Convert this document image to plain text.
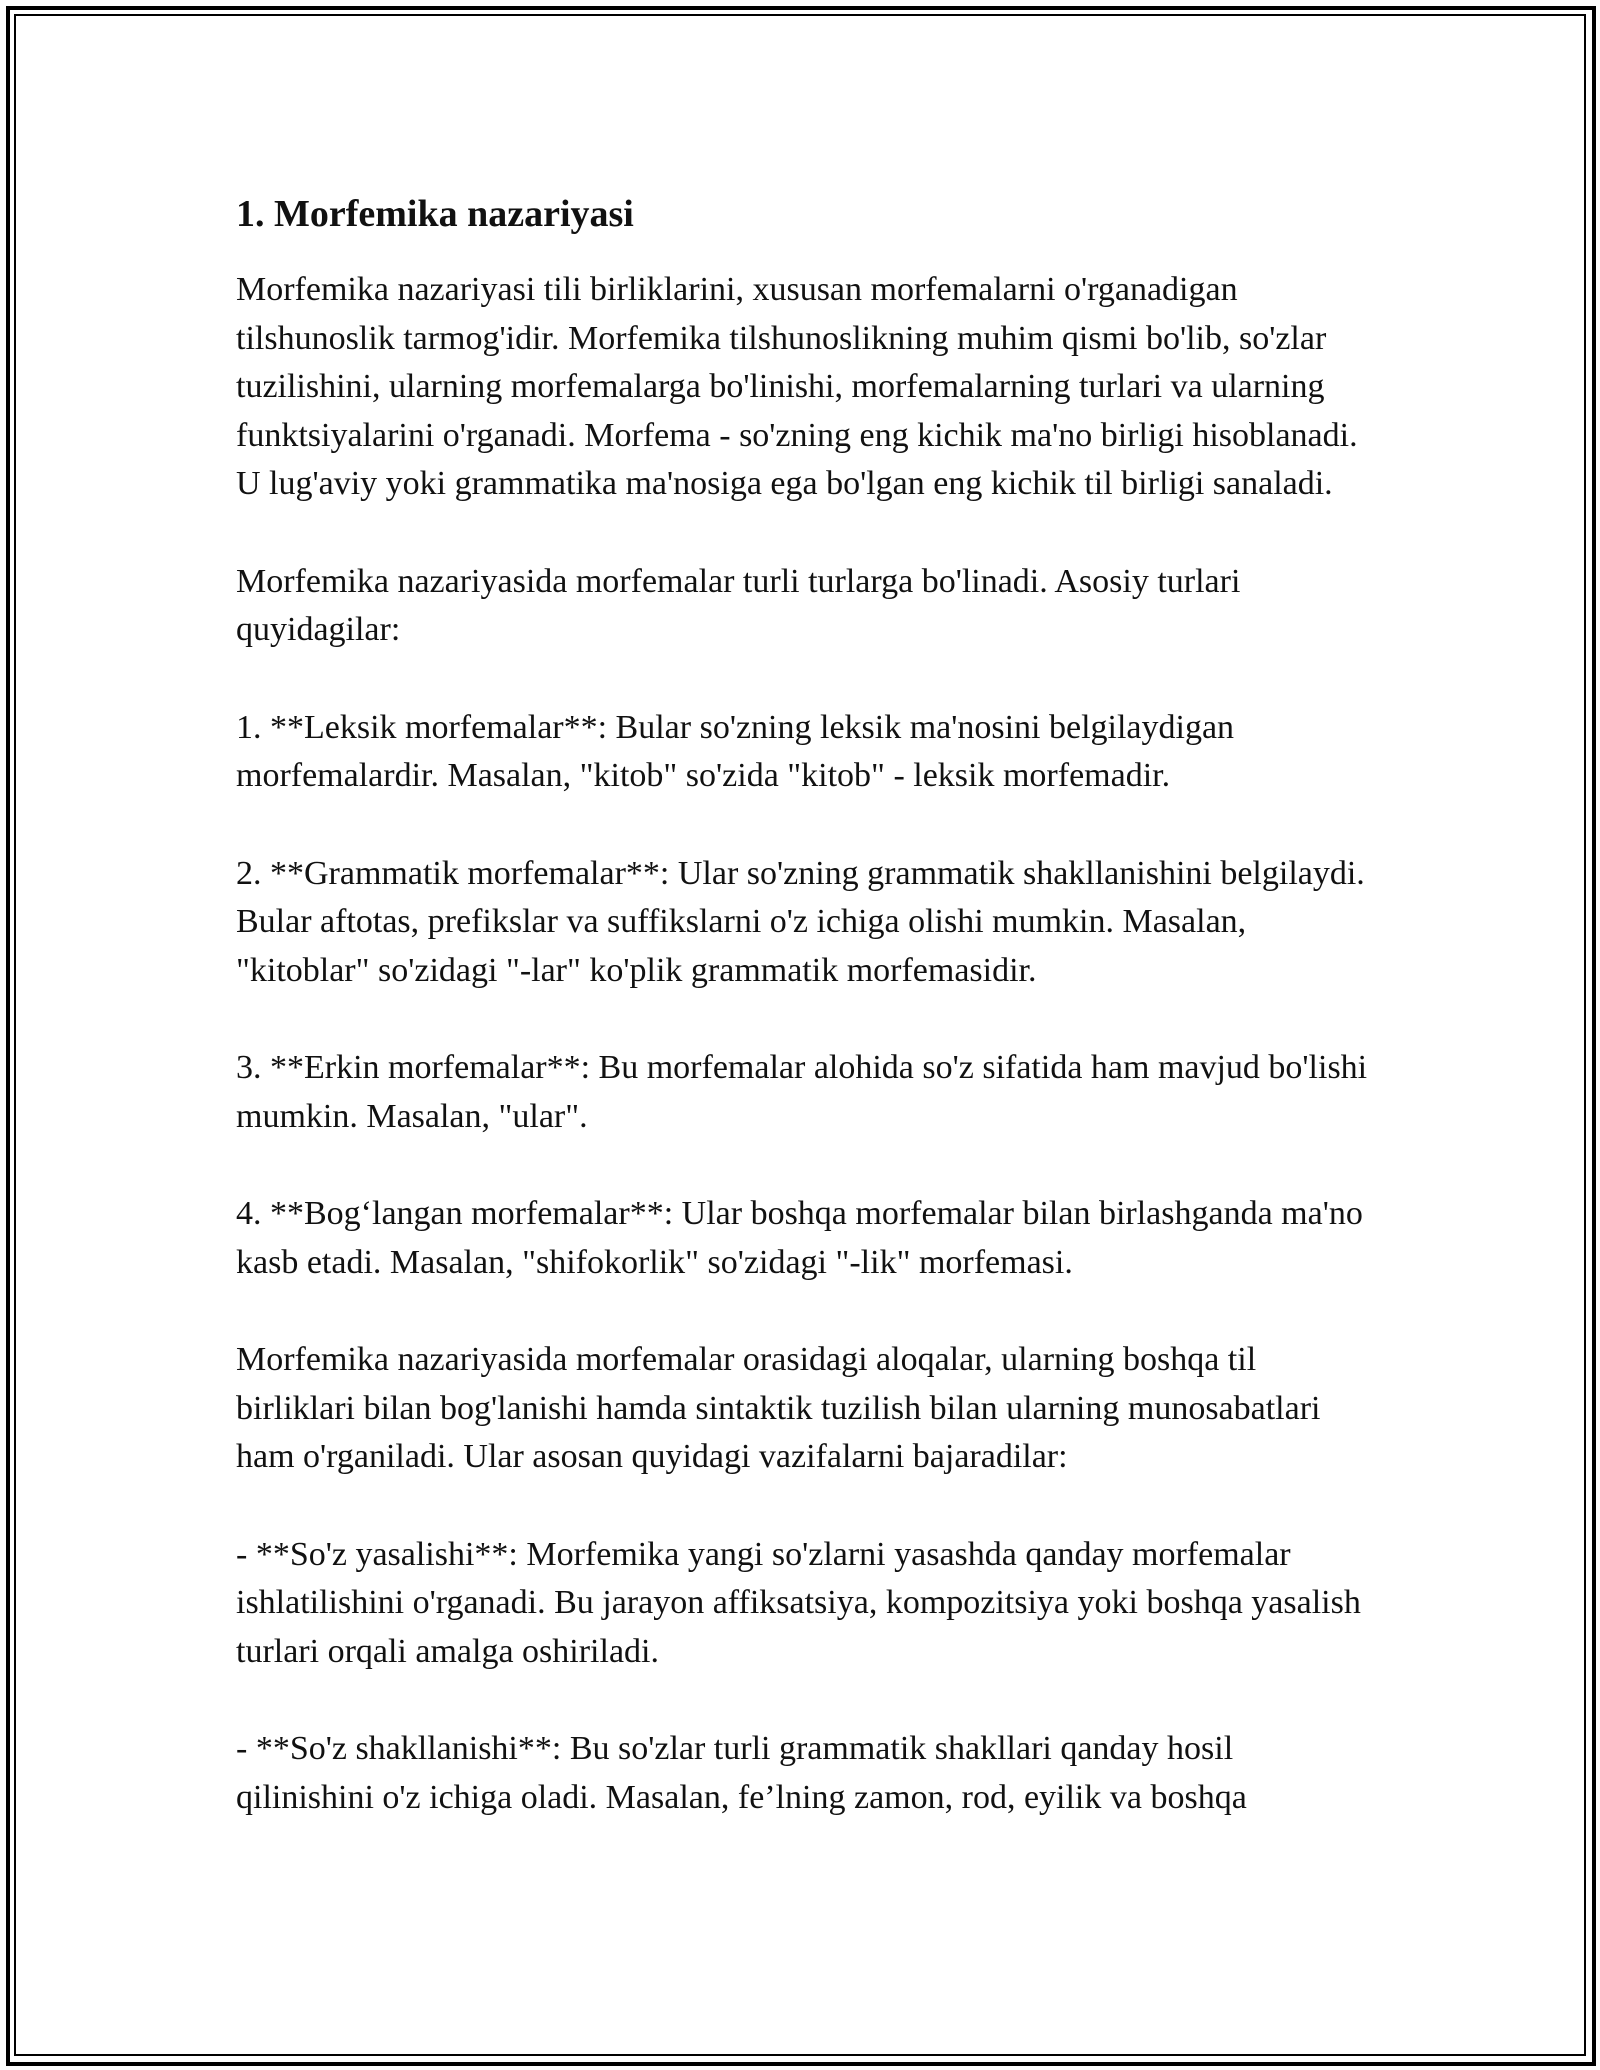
1. Morfemika nazariyasi

Morfemika nazariyasi tili birliklarini, xususan morfemalarni o'rganadigan tilshunoslik tarmog'idir. Morfemika tilshunoslikning muhim qismi bo'lib, so'zlar tuzilishini, ularning morfemalarga bo'linishi, morfemalarning turlari va ularning funktsiyalarini o'rganadi. Morfema - so'zning eng kichik ma'no birligi hisoblanadi. U lug'aviy yoki grammatika ma'nosiga ega bo'lgan eng kichik til birligi sanaladi.

Morfemika nazariyasida morfemalar turli turlarga bo'linadi. Asosiy turlari quyidagilar:

1. **Leksik morfemalar**: Bular so'zning leksik ma'nosini belgilaydigan morfemalardir. Masalan, "kitob" so'zida "kitob" - leksik morfemadir.

2. **Grammatik morfemalar**: Ular so'zning grammatik shakllanishini belgilaydi. Bular aftotas, prefikslar va suffikslarni o'z ichiga olishi mumkin. Masalan, "kitoblar" so'zidagi "-lar" ko'plik grammatik morfemasidir.

3. **Erkin morfemalar**: Bu morfemalar alohida so'z sifatida ham mavjud bo'lishi mumkin. Masalan, "ular".

4. **Bog‘langan morfemalar**: Ular boshqa morfemalar bilan birlashganda ma'no kasb etadi. Masalan, "shifokorlik" so'zidagi "-lik" morfemasi.

Morfemika nazariyasida morfemalar orasidagi aloqalar, ularning boshqa til birliklari bilan bog'lanishi hamda sintaktik tuzilish bilan ularning munosabatlari ham o'rganiladi. Ular asosan quyidagi vazifalarni bajaradilar:

- **So'z yasalishi**: Morfemika yangi so'zlarni yasashda qanday morfemalar ishlatilishini o'rganadi. Bu jarayon affiksatsiya, kompozitsiya yoki boshqa yasalish turlari orqali amalga oshiriladi.

- **So'z shakllanishi**: Bu so'zlar turli grammatik shakllari qanday hosil qilinishini o'z ichiga oladi. Masalan, fe’lning zamon, rod, eyilik va boshqa
